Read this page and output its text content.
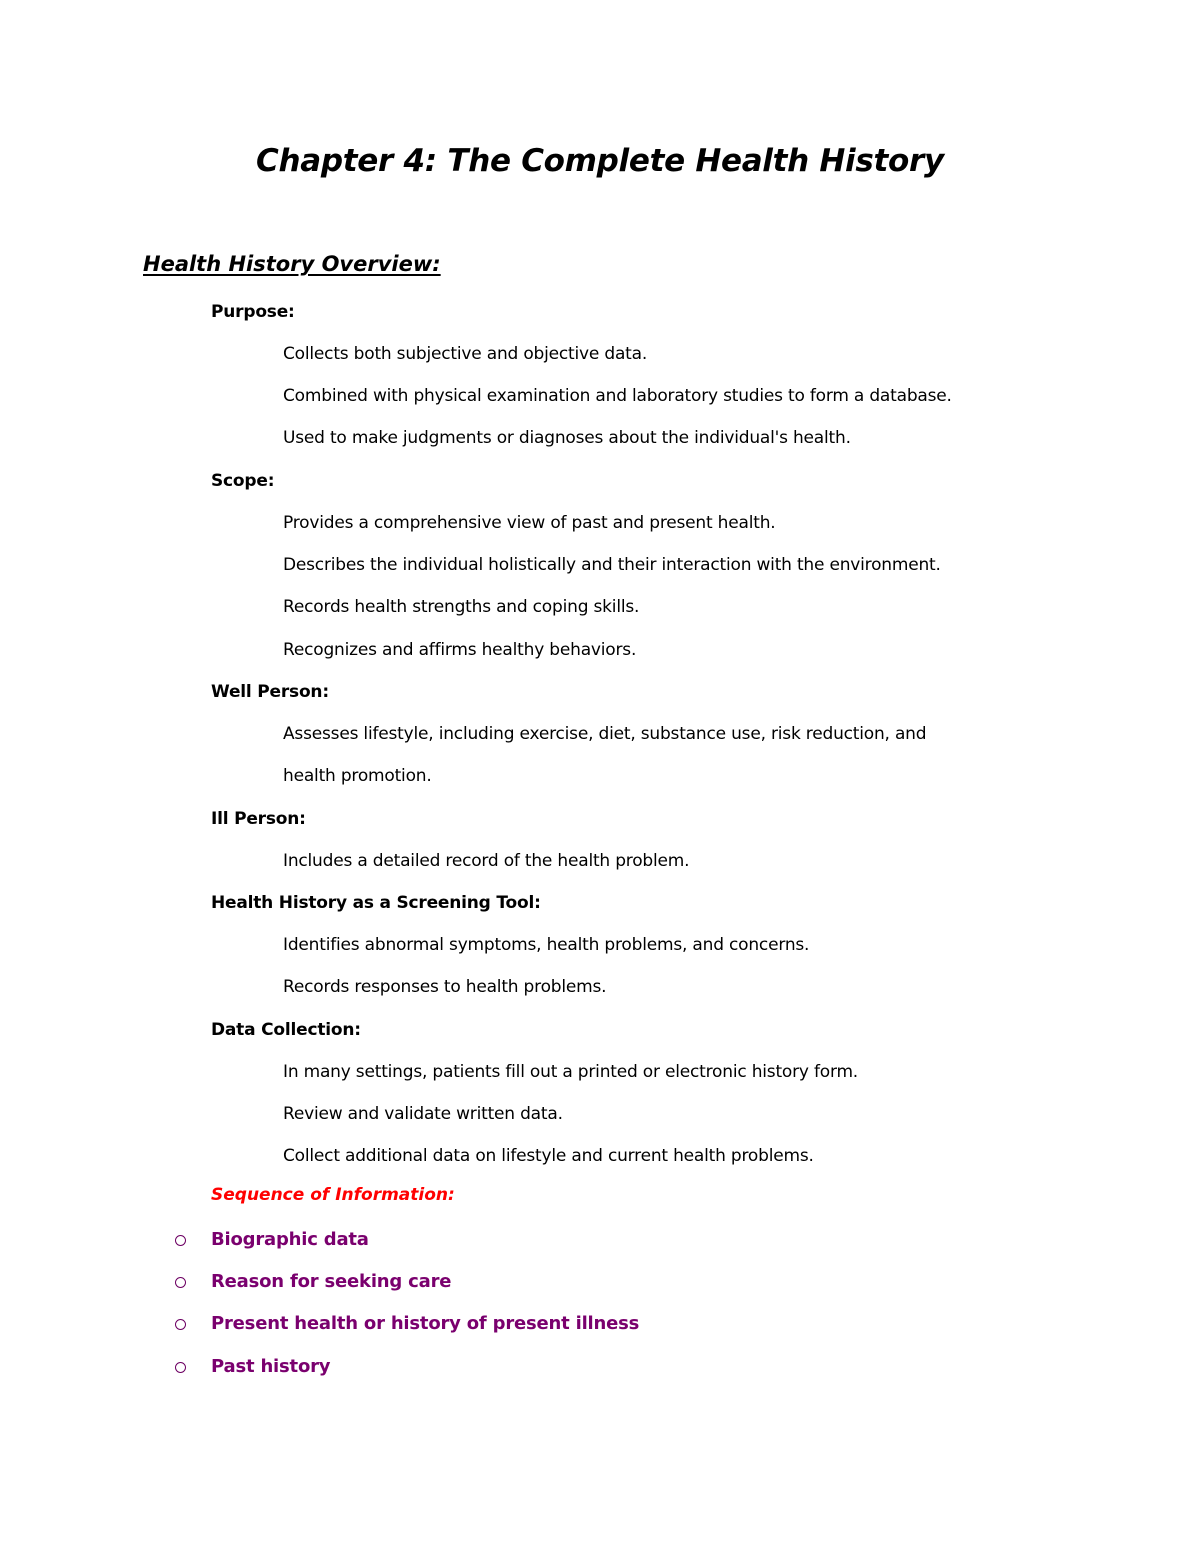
Chapter 4: The Complete Health History
Health History Overview:
Purpose:
Collects both subjective and objective data.
Combined with physical examination and laboratory studies to form a database.
Used to make judgments or diagnoses about the individual's health.
Scope:
Provides a comprehensive view of past and present health.
Describes the individual holistically and their interaction with the environment.
Records health strengths and coping skills.
Recognizes and affirms healthy behaviors.
Well Person:
Assesses lifestyle, including exercise, diet, substance use, risk reduction, and
health promotion.
Ill Person:
Includes a detailed record of the health problem.
Health History as a Screening Tool:
Identifies abnormal symptoms, health problems, and concerns.
Records responses to health problems.
Data Collection:
In many settings, patients fill out a printed or electronic history form.
Review and validate written data.
Collect additional data on lifestyle and current health problems.
Sequence of Information:
Biographic data
Reason for seeking care
Present health or history of present illness
Past history
